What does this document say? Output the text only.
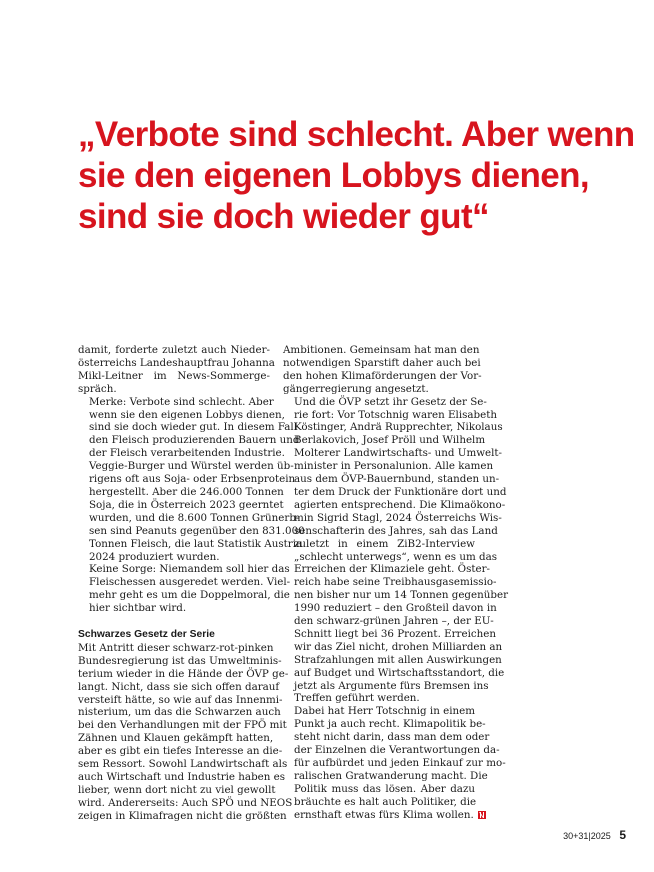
„Verbote sind schlecht. Aber wenn sie den eigenen Lobbys dienen, sind sie doch wieder gut“

damit, forderte zuletzt auch Nieder-
österreichs Landeshauptfrau Johanna
Mikl-Leitner im News-Sommerge-
spräch.

Merke: Verbote sind schlecht. Aber
wenn sie den eigenen Lobbys dienen,
sind sie doch wieder gut. In diesem Fall
den Fleisch produzierenden Bauern und
der Fleisch verarbeitenden Industrie.
Veggie-Burger und Würstel werden üb-
rigens oft aus Soja- oder Erbsenprotein
hergestellt. Aber die 246.000 Tonnen
Soja, die in Österreich 2023 geerntet
wurden, und die 8.600 Tonnen Grünerb-
sen sind Peanuts gegenüber den 831.000
Tonnen Fleisch, die laut Statistik Austria
2024 produziert wurden.

Keine Sorge: Niemandem soll hier das
Fleischessen ausgeredet werden. Viel-
mehr geht es um die Doppelmoral, die
hier sichtbar wird.

Schwarzes Gesetz der Serie

Mit Antritt dieser schwarz-rot-pinken
Bundesregierung ist das Umweltminis-
terium wieder in die Hände der ÖVP ge-
langt. Nicht, dass sie sich offen darauf
versteift hätte, so wie auf das Innenmi-
nisterium, um das die Schwarzen auch
bei den Verhandlungen mit der FPÖ mit
Zähnen und Klauen gekämpft hatten,
aber es gibt ein tiefes Interesse an die-
sem Ressort. Sowohl Landwirtschaft als
auch Wirtschaft und Industrie haben es
lieber, wenn dort nicht zu viel gewollt
wird. Andererseits: Auch SPÖ und NEOS
zeigen in Klimafragen nicht die größten

Ambitionen. Gemeinsam hat man den
notwendigen Sparstift daher auch bei
den hohen Klimaförderungen der Vor-
gängerregierung angesetzt.

Und die ÖVP setzt ihr Gesetz der Se-
rie fort: Vor Totschnig waren Elisabeth
Köstinger, Andrä Rupprechter, Nikolaus
Berlakovich, Josef Pröll und Wilhelm
Molterer Landwirtschafts- und Umwelt-
minister in Personalunion. Alle kamen
aus dem ÖVP-Bauernbund, standen un-
ter dem Druck der Funktionäre dort und
agierten entsprechend. Die Klimaökono-
min Sigrid Stagl, 2024 Österreichs Wis-
senschafterin des Jahres, sah das Land
zuletzt in einem ZiB2-Interview
„schlecht unterwegs“, wenn es um das
Erreichen der Klimaziele geht. Öster-
reich habe seine Treibhausgasemissio-
nen bisher nur um 14 Tonnen gegenüber
1990 reduziert – den Großteil davon in
den schwarz-grünen Jahren –, der EU-
Schnitt liegt bei 36 Prozent. Erreichen
wir das Ziel nicht, drohen Milliarden an
Strafzahlungen mit allen Auswirkungen
auf Budget und Wirtschaftsstandort, die
jetzt als Argumente fürs Bremsen ins
Treffen geführt werden.

Dabei hat Herr Totschnig in einem
Punkt ja auch recht. Klimapolitik be-
steht nicht darin, dass man dem oder
der Einzelnen die Verantwortungen da-
für aufbürdet und jeden Einkauf zur mo-
ralischen Gratwanderung macht. Die
Politik muss das lösen. Aber dazu
bräuchte es halt auch Politiker, die
ernsthaft etwas fürs Klima wollen.

30+31|2025 5
